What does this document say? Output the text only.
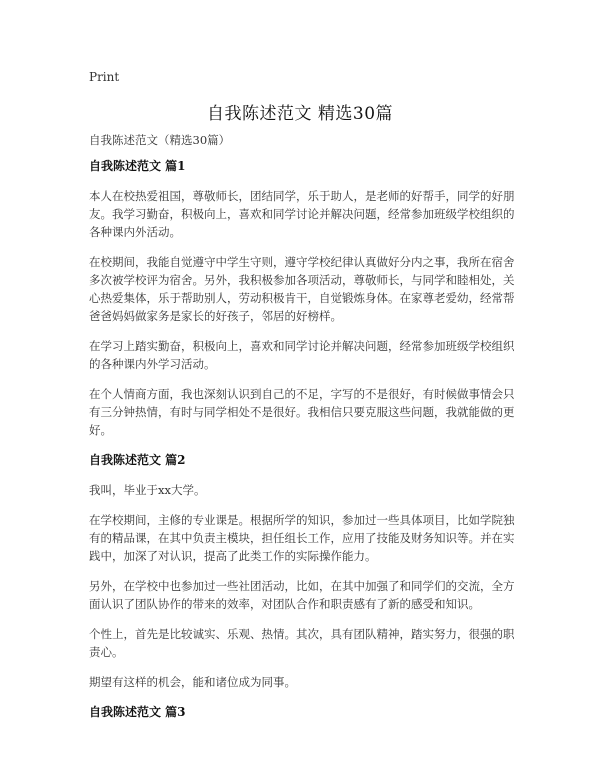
Print
自我陈述范文 精选30篇

自我陈述范文（精选30篇）

自我陈述范文 篇1

本人在校热爱祖国，尊敬师长，团结同学，乐于助人，是老师的好帮手，同学的好朋友。我学习勤奋，积极向上，喜欢和同学讨论并解决问题，经常参加班级学校组织的各种课内外活动。

在校期间，我能自觉遵守中学生守则，遵守学校纪律认真做好分内之事，我所在宿舍多次被学校评为宿舍。另外，我积极参加各项活动，尊敬师长，与同学和睦相处，关心热爱集体，乐于帮助别人，劳动积极肯干，自觉锻炼身体。在家尊老爱幼，经常帮爸爸妈妈做家务是家长的好孩子，邻居的好榜样。

在学习上踏实勤奋，积极向上，喜欢和同学讨论并解决问题，经常参加班级学校组织的各种课内外学习活动。

在个人情商方面，我也深刻认识到自己的不足，字写的不是很好，有时候做事情会只有三分钟热情，有时与同学相处不是很好。我相信只要克服这些问题，我就能做的更好。

自我陈述范文 篇2

我叫，毕业于xx大学。

在学校期间，主修的专业课是。根据所学的知识，参加过一些具体项目，比如学院独有的精品课，在其中负责主模块，担任组长工作，应用了技能及财务知识等。并在实践中，加深了对认识，提高了此类工作的实际操作能力。

另外，在学校中也参加过一些社团活动，比如，在其中加强了和同学们的交流，全方面认识了团队协作的带来的效率，对团队合作和职责感有了新的感受和知识。

个性上，首先是比较诚实、乐观、热情。其次，具有团队精神，踏实努力，很强的职责心。

期望有这样的机会，能和诸位成为同事。

自我陈述范文 篇3
